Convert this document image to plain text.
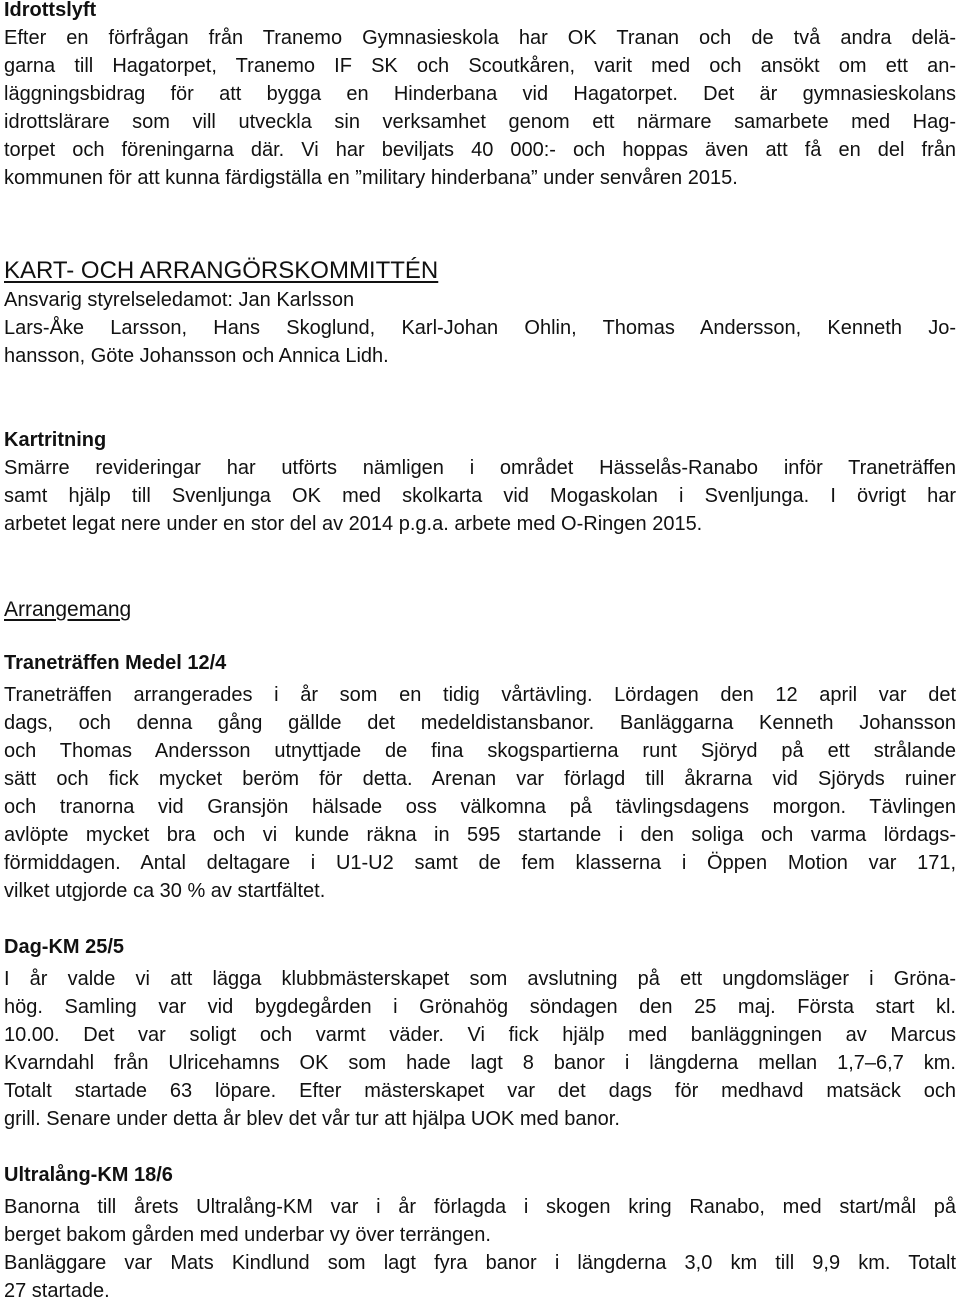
Idrottslyft
Efter en förfrågan från Tranemo Gymnasieskola har OK Tranan och de två andra delä-
garna till Hagatorpet, Tranemo IF SK och Scoutkåren, varit med och ansökt om ett an-
läggningsbidrag för att bygga en Hinderbana vid Hagatorpet. Det är gymnasieskolans
idrottslärare som vill utveckla sin verksamhet genom ett närmare samarbete med Hag-
torpet och föreningarna där. Vi har beviljats 40 000:- och hoppas även att få en del från
kommunen för att kunna färdigställa en ”military hinderbana” under senvåren 2015.
KART- OCH ARRANGÖRSKOMMITTÉN
Ansvarig styrelseledamot: Jan Karlsson
Lars-Åke Larsson, Hans Skoglund, Karl-Johan Ohlin, Thomas Andersson, Kenneth Jo-
hansson, Göte Johansson och Annica Lidh.
Kartritning
Smärre revideringar har utförts nämligen i området Hässelås-Ranabo inför Traneträffen
samt hjälp till Svenljunga OK med skolkarta vid Mogaskolan i Svenljunga. I övrigt har
arbetet legat nere under en stor del av 2014 p.g.a. arbete med O-Ringen 2015.
Arrangemang
Traneträffen Medel 12/4
Traneträffen arrangerades i år som en tidig vårtävling. Lördagen den 12 april var det
dags, och denna gång gällde det medeldistansbanor. Banläggarna Kenneth Johansson
och Thomas Andersson utnyttjade de fina skogspartierna runt Sjöryd på ett strålande
sätt och fick mycket beröm för detta. Arenan var förlagd till åkrarna vid Sjöryds ruiner
och tranorna vid Gransjön hälsade oss välkomna på tävlingsdagens morgon. Tävlingen
avlöpte mycket bra och vi kunde räkna in 595 startande i den soliga och varma lördags-
förmiddagen. Antal deltagare i U1-U2 samt de fem klasserna i Öppen Motion var 171,
vilket utgjorde ca 30 % av startfältet.
Dag-KM 25/5
I år valde vi att lägga klubbmästerskapet som avslutning på ett ungdomsläger i Gröna-
hög. Samling var vid bygdegården i Grönahög söndagen den 25 maj. Första start kl.
10.00. Det var soligt och varmt väder. Vi fick hjälp med banläggningen av Marcus
Kvarndahl från Ulricehamns OK som hade lagt 8 banor i längderna mellan 1,7–6,7 km.
Totalt startade 63 löpare. Efter mästerskapet var det dags för medhavd matsäck och
grill. Senare under detta år blev det vår tur att hjälpa UOK med banor.
Ultralång-KM 18/6
Banorna till årets Ultralång-KM var i år förlagda i skogen kring Ranabo, med start/mål på
berget bakom gården med underbar vy över terrängen.
Banläggare var Mats Kindlund som lagt fyra banor i längderna 3,0 km till 9,9 km. Totalt
27 startade.
